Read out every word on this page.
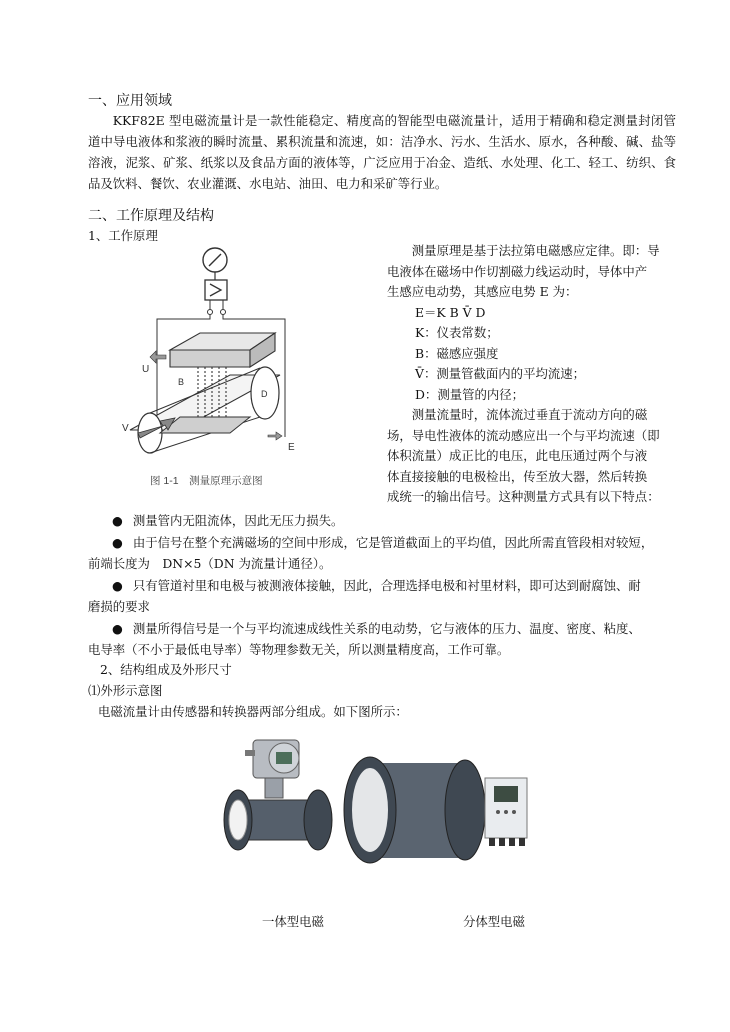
一、应用领域
KKF82E 型电磁流量计是一款性能稳定、精度高的智能型电磁流量计，适用于精确和稳定测量封闭管道中导电液体和浆液的瞬时流量、累积流量和流速，如：洁净水、污水、生活水、原水，各种酸、碱、盐等溶液，泥浆、矿浆、纸浆以及食品方面的液体等，广泛应用于冶金、造纸、水处理、化工、轻工、纺织、食品及饮料、餐饮、农业灌溉、水电站、油田、电力和采矿等行业。
二、工作原理及结构
1、工作原理
U
B
V
E
D
图 1-1　测量原理示意图
测量原理是基于法拉第电磁感应定律。即：导
电液体在磁场中作切割磁力线运动时，导体中产
生感应电动势，其感应电势 E 为：
E＝K B V̄ D
K：仪表常数；
B：磁感应强度
V̄：测量管截面内的平均流速；
D：测量管的内径；
测量流量时，流体流过垂直于流动方向的磁
场，导电性液体的流动感应出一个与平均流速（即
体积流量）成正比的电压，此电压通过两个与液
体直接接触的电极检出，传至放大器，然后转换
成统一的输出信号。这种测量方式具有以下特点：
● 测量管内无阻流体，因此无压力损失。
● 由于信号在整个充满磁场的空间中形成，它是管道截面上的平均值，因此所需直管段相对较短，
前端长度为　DN×5（DN 为流量计通径）。
● 只有管道衬里和电极与被测液体接触，因此，合理选择电极和衬里材料，即可达到耐腐蚀、耐
磨损的要求
● 测量所得信号是一个与平均流速成线性关系的电动势，它与液体的压力、温度、密度、粘度、
电导率（不小于最低电导率）等物理参数无关，所以测量精度高，工作可靠。
2、结构组成及外形尺寸
⑴外形示意图
电磁流量计由传感器和转换器两部分组成。如下图所示：
一体型电磁	分体型电磁
